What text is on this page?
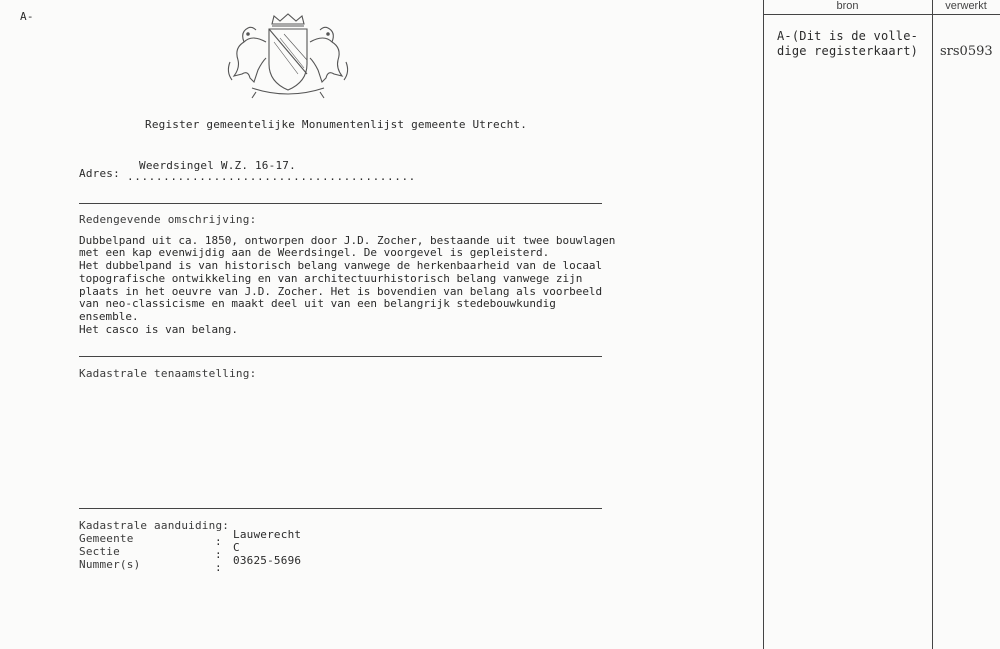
A-
bron	verwerkt
A-(Dit is de volle-
dige registerkaart) srs0593
Register gemeentelijke Monumentenlijst gemeente Utrecht.
Adres:
Weerdsingel W.Z. 16-17.
........................................
Redengevende omschrijving:
Dubbelpand uit ca. 1850, ontworpen door J.D. Zocher, bestaande uit twee bouwlagen
met een kap evenwijdig aan de Weerdsingel. De voorgevel is gepleisterd.
Het dubbelpand is van historisch belang vanwege de herkenbaarheid van de locaal
topografische ontwikkeling en van architectuurhistorisch belang vanwege zijn
plaats in het oeuvre van J.D. Zocher. Het is bovendien van belang als voorbeeld
van neo-classicisme en maakt deel uit van een belangrijk stedebouwkundig
ensemble.
Het casco is van belang.
Kadastrale tenaamstelling:
Kadastrale aanduiding:
Gemeente	:
Lauwerecht
Sectie	:
C
Nummer(s)	:
03625-5696
